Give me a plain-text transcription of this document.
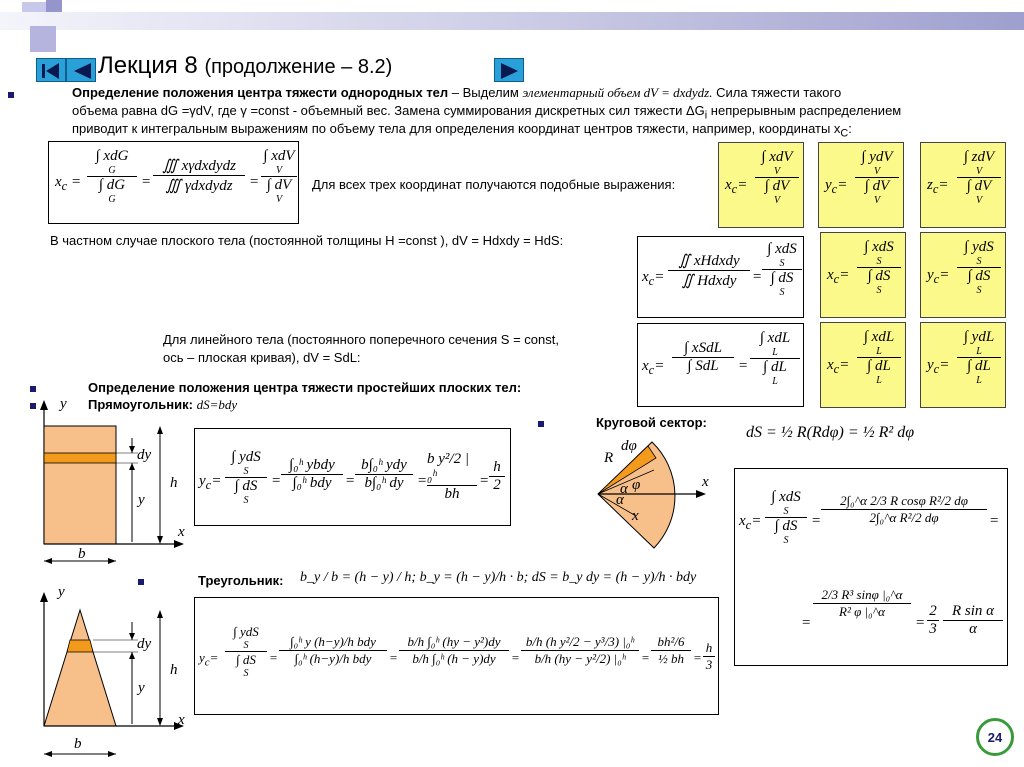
Лекция 8 (продолжение – 8.2)
Определение положения центра тяжести однородных тел – Выделим элементарный объем dV = dxdydz. Сила тяжести такого
объема равна dG =γdV, где γ =const - объемный вес. Замена суммирования дискретных сил тяжести $\Delta G_i$ непрерывным распределением
приводит к интегральным выражениям по объему тела для определения координат центров тяжести, например, координаты $x_C$:
$x_c$ =
∫ xdG
G
∫ dG
G
=
∭ xγdxdydz
∭ γdxdydz =
∫ xdV
V
∫ dV
V
Для всех трех координат получаются подобные выражения:	$x_c=$
∫ xdV
V
∫ dV
V
$y_c=$
∫ ydV
V
∫ dV
V
$z_c=$
∫ zdV
V
∫ dV
V
В частном случае плоского тела (постоянной толщины H =const ), dV = Hdxdy = HdS:
$x_c=$
∬ xHdxdy
∬ Hdxdy =
∫ xdS
S
∫ dS
S
$x_c=$
∫ xdS
S
∫ dS
S
$y_c=$
∫ ydS
S
∫ dS
S
Для линейного тела (постоянного поперечного сечения S = const,
ось – плоская кривая), dV = SdL:
$x_c=$
∫ xSdL
∫ SdL =
∫ xdL
L
∫ dL
L
$x_c=$
∫ xdL
L
∫ dL
L
$y_c=$
∫ ydL
L
∫ dL
L
Определение положения центра тяжести простейших плоских тел:
Прямоугольник: dS=bdy
y
dy
h
y
x
b
$y_c=$
∫ ydS
S
∫ dS
S
=
∫₀ʰ ybdy
∫₀ʰ bdy =
b∫₀ʰ ydy
b∫₀ʰ dy =
b y²/2 |₀ʰ
bh
=
h
2
Круговой сектор:
dS = ½ R(Rdφ) = ½ R² dφ
dφ
R
φ
α
α
x
x	$x_c=$
∫ xdS
S
∫ dS
S
=
2∫₀^α 2/3 R cosφ R²/2 dφ
2∫₀^α R²/2 dφ	=
=
2/3 R³ sinφ |₀^α
R² φ |₀^α
=
2
3
R sin α
α
Треугольник: b_y / b = (h − y) / h; b_y = (h − y)/h · b; dS = b_y dy = (h − y)/h · bdy
y
dy
h
y
x
b
$y_c=$
∫ ydS
S
∫ dS
S
=
∫₀ʰ y (h−y)/h bdy
∫₀ʰ (h−y)/h bdy =
b/h ∫₀ʰ (hy − y²)dy
b/h ∫₀ʰ (h − y)dy =
b/h (h y²/2 − y³/3) |₀ʰ
b/h (hy − y²/2) |₀ʰ =
bh²/6
½ bh =
h
3
24
